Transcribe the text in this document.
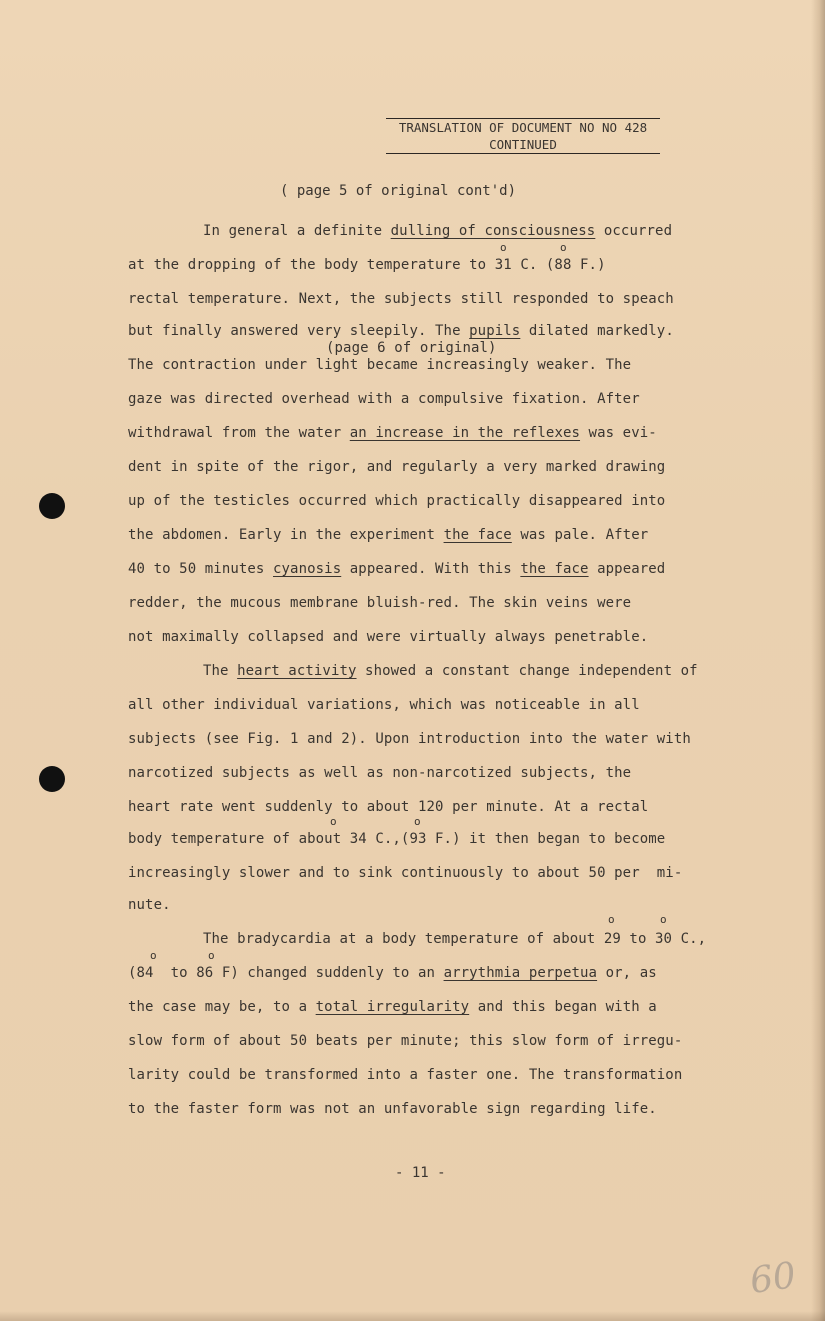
TRANSLATION OF DOCUMENT NO NO 428
CONTINUED
( page 5 of original cont'd)
In general a definite dulling of consciousness occurred
o	o
at the dropping of the body temperature to 31 C. (88 F.)
rectal temperature. Next, the subjects still responded to speach
but finally answered very sleepily. The pupils dilated markedly.
(page 6 of original)
The contraction under light became increasingly weaker. The
gaze was directed overhead with a compulsive fixation. After
withdrawal from the water an increase in the reflexes was evi-
dent in spite of the rigor, and regularly a very marked drawing
up of the testicles occurred which practically disappeared into
the abdomen. Early in the experiment the face was pale. After
40 to 50 minutes cyanosis appeared. With this the face appeared
redder, the mucous membrane bluish-red. The skin veins were
not maximally collapsed and were virtually always penetrable.
The heart activity showed a constant change independent of
all other individual variations, which was noticeable in all
subjects (see Fig. 1 and 2). Upon introduction into the water with
narcotized subjects as well as non-narcotized subjects, the
heart rate went suddenly to about 120 per minute. At a rectal
o	o
body temperature of about 34 C.,(93 F.) it then began to become
increasingly slower and to sink continuously to about 50 per  mi-
nute.
o	o
The bradycardia at a body temperature of about 29 to 30 C.,
o	o
(84  to 86 F) changed suddenly to an arrythmia perpetua or, as
the case may be, to a total irregularity and this began with a
slow form of about 50 beats per minute; this slow form of irregu-
larity could be transformed into a faster one. The transformation
to the faster form was not an unfavorable sign regarding life.
- 11 -
60
